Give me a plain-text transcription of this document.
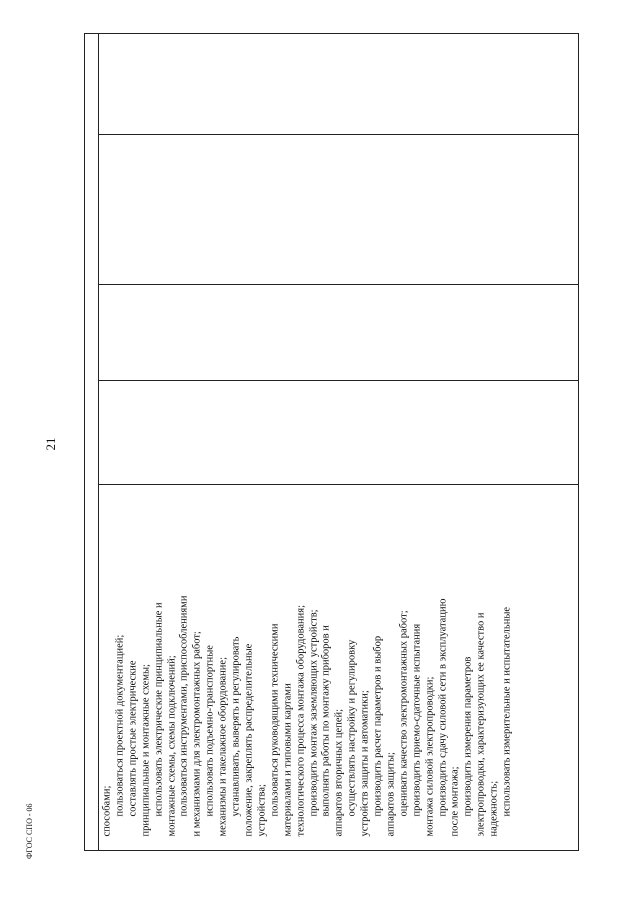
21
способами; пользоваться проектной документацией; составлять простые электрические принципиальные и монтажные схемы; использовать электрические принципиальные и монтажные схемы, схемы подключений; пользоваться инструментами, приспособлениями и механизмами для электромонтажных работ; использовать подъемно-транспортные механизмы и такелажное оборудование; устанавливать, выверять и регулировать положение, закреплять распределительные устройства; пользоваться руководящими техническими материалами и типовыми картами технологического процесса монтажа оборудования; производить монтаж заземляющих устройств; выполнять работы по монтажу приборов и аппаратов вторичных цепей; осуществлять настройку и регулировку устройств защиты и автоматики; производить расчет параметров и выбор аппаратов защиты; оценивать качество электромонтажных работ; производить приемо-сдаточные испытания монтажа силовой электропроводки; производить сдачу силовой сети в эксплуатацию после монтажа; производить измерения параметров электропроводки, характеризующих ее качество и надежность; использовать измерительные и испытательные
ФГОС СПО - 06
